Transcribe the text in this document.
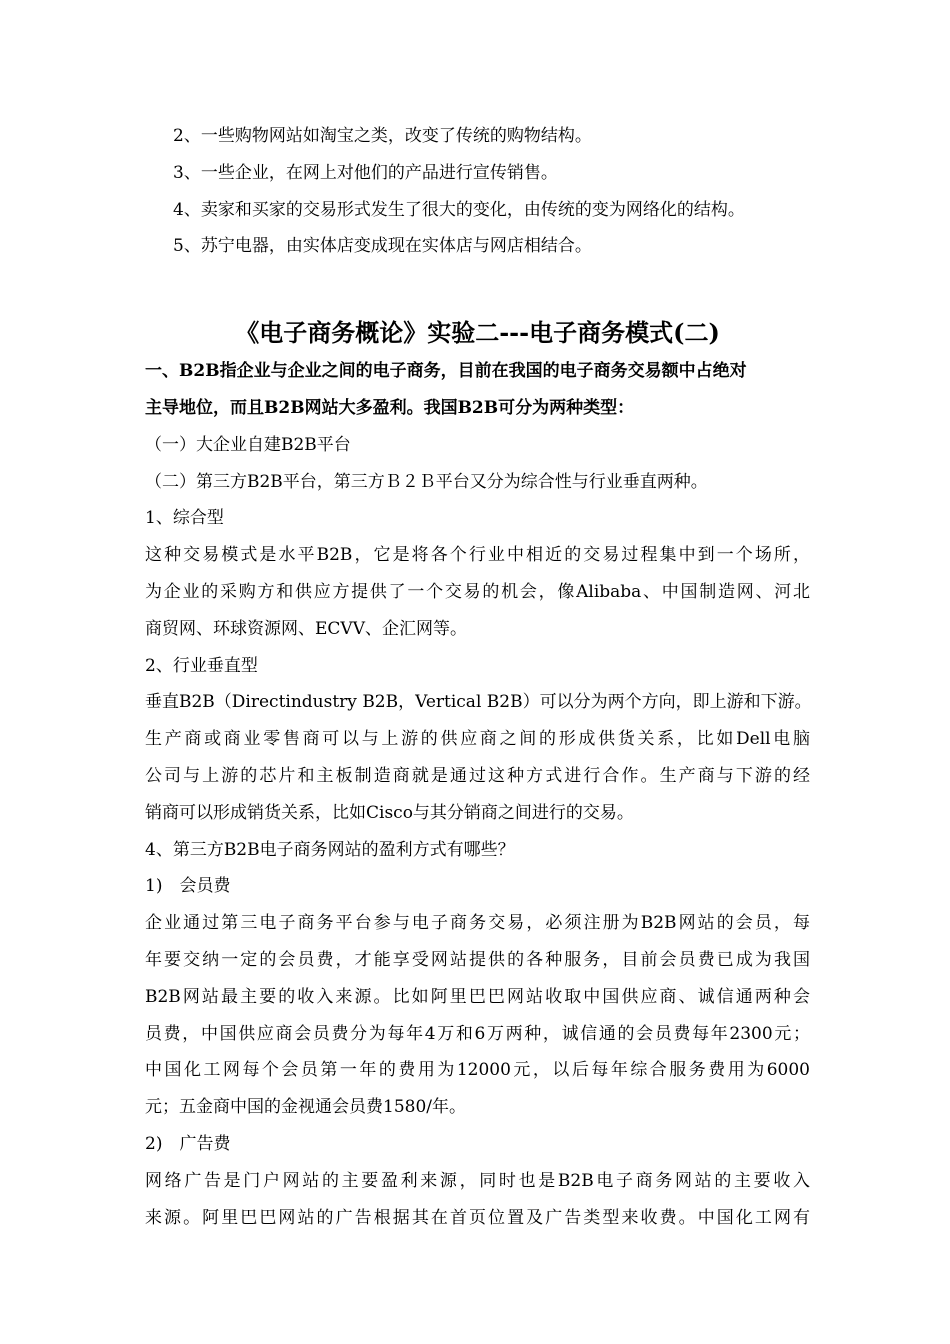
2、一些购物网站如淘宝之类，改变了传统的购物结构。

3、一些企业，在网上对他们的产品进行宣传销售。

4、卖家和买家的交易形式发生了很大的变化，由传统的变为网络化的结构。

5、苏宁电器，由实体店变成现在实体店与网店相结合。

《电子商务概论》实验二---电子商务模式(二)

一、B2B指企业与企业之间的电子商务，目前在我国的电子商务交易额中占绝对

主导地位，而且B2B网站大多盈利。我国B2B可分为两种类型：

（一）大企业自建B2B平台

（二）第三方B2B平台，第三方Ｂ２Ｂ平台又分为综合性与行业垂直两种。

1、综合型

这种交易模式是水平B2B，它是将各个行业中相近的交易过程集中到一个场所，

为企业的采购方和供应方提供了一个交易的机会，像Alibaba、中国制造网、河北

商贸网、环球资源网、ECVV、企汇网等。

2、行业垂直型

垂直B2B（Directindustry B2B，Vertical B2B）可以分为两个方向，即上游和下游。

生产商或商业零售商可以与上游的供应商之间的形成供货关系，比如Dell电脑

公司与上游的芯片和主板制造商就是通过这种方式进行合作。生产商与下游的经

销商可以形成销货关系，比如Cisco与其分销商之间进行的交易。

4、第三方B2B电子商务网站的盈利方式有哪些？

1)　会员费

企业通过第三电子商务平台参与电子商务交易，必须注册为B2B网站的会员，每

年要交纳一定的会员费，才能享受网站提供的各种服务，目前会员费已成为我国

B2B网站最主要的收入来源。比如阿里巴巴网站收取中国供应商、诚信通两种会

员费，中国供应商会员费分为每年4万和6万两种，诚信通的会员费每年2300元；

中国化工网每个会员第一年的费用为12000元，以后每年综合服务费用为6000

元；五金商中国的金视通会员费1580/年。

2)　广告费

网络广告是门户网站的主要盈利来源，同时也是B2B电子商务网站的主要收入

来源。阿里巴巴网站的广告根据其在首页位置及广告类型来收费。中国化工网有
